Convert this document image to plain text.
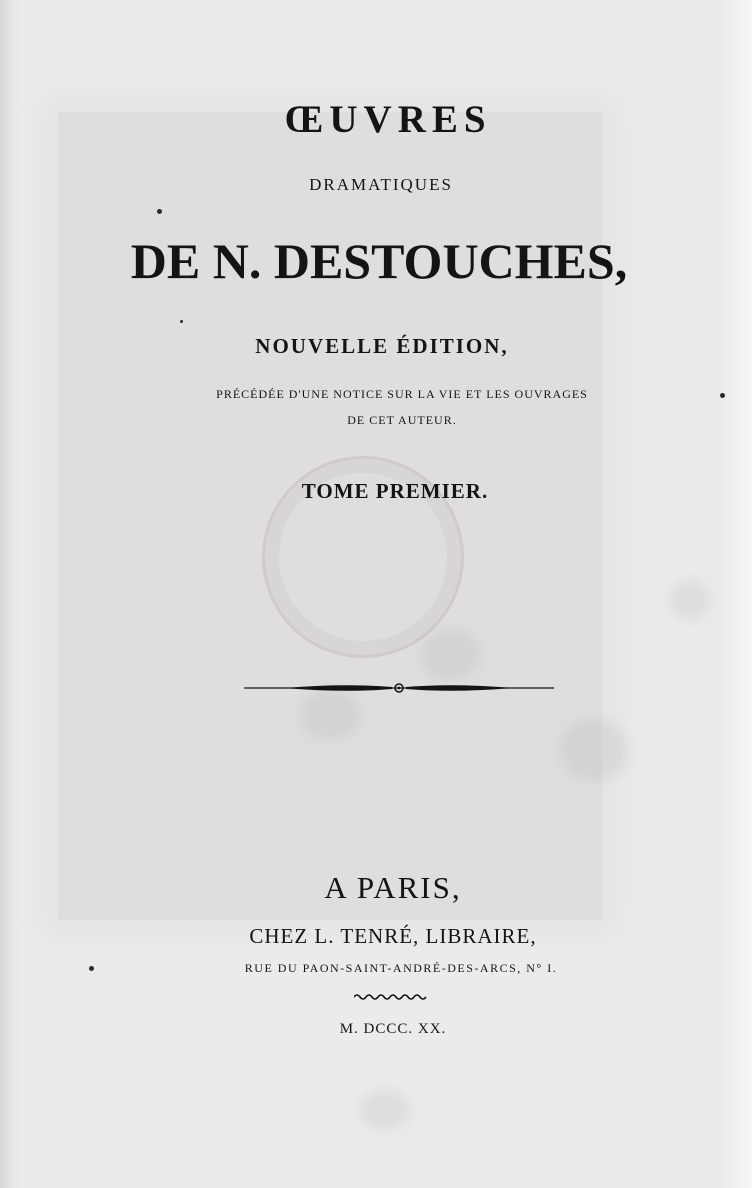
ŒUVRES
DRAMATIQUES
DE N. DESTOUCHES,
NOUVELLE ÉDITION,
PRÉCÉDÉE D'UNE NOTICE SUR LA VIE ET LES OUVRAGES
DE CET AUTEUR.
TOME PREMIER.
A PARIS,
CHEZ L. TENRÉ, LIBRAIRE,
RUE DU PAON-SAINT-ANDRÉ-DES-ARCS, N° I.
M. DCCC. XX.
